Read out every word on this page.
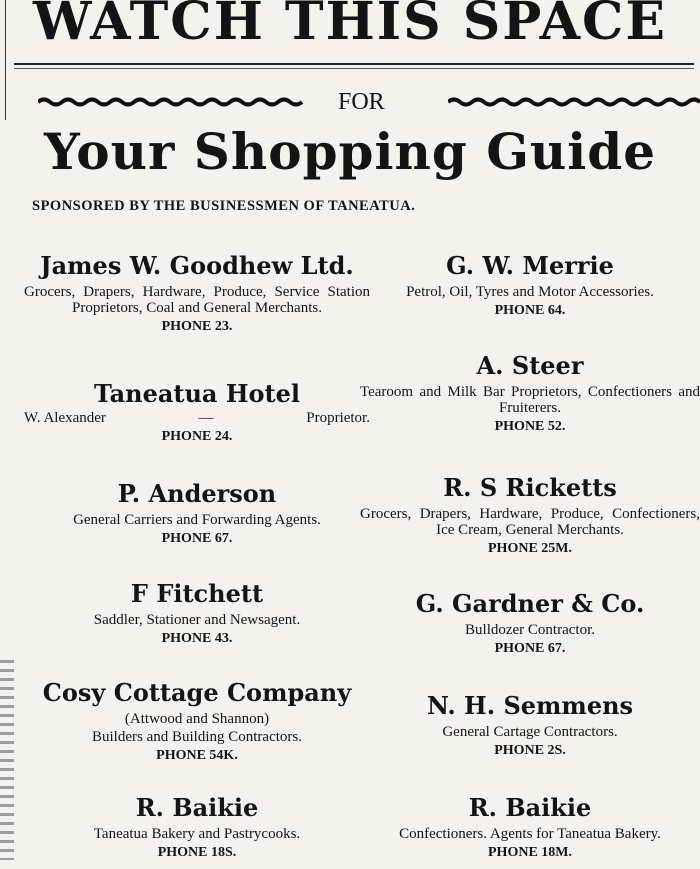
WATCH THIS SPACE
FOR
Your Shopping Guide
SPONSORED BY THE BUSINESSMEN OF TANEATUA.
James W. Goodhew Ltd.
Grocers, Drapers, Hardware, Produce, Service Station Proprietors, Coal and General Merchants.
PHONE 23.
Taneatua Hotel
W. Alexander	—	Proprietor.
PHONE 24.
P. Anderson
General Carriers and Forwarding Agents.
PHONE 67.
F Fitchett
Saddler, Stationer and Newsagent.
PHONE 43.
Cosy Cottage Company
(Attwood and Shannon)
Builders and Building Contractors.
PHONE 54K.
R. Baikie
Taneatua Bakery and Pastrycooks.
PHONE 18S.
G. W. Merrie
Petrol, Oil, Tyres and Motor Accessories.
PHONE 64.
A. Steer
Tearoom and Milk Bar Proprietors, Confectioners and Fruiterers.
PHONE 52.
R. S Ricketts
Grocers, Drapers, Hardware, Produce, Confectioners, Ice Cream, General Merchants.
PHONE 25M.
G. Gardner & Co.
Bulldozer Contractor.
PHONE 67.
N. H. Semmens
General Cartage Contractors.
PHONE 2S.
R. Baikie
Confectioners. Agents for Taneatua Bakery.
PHONE 18M.
